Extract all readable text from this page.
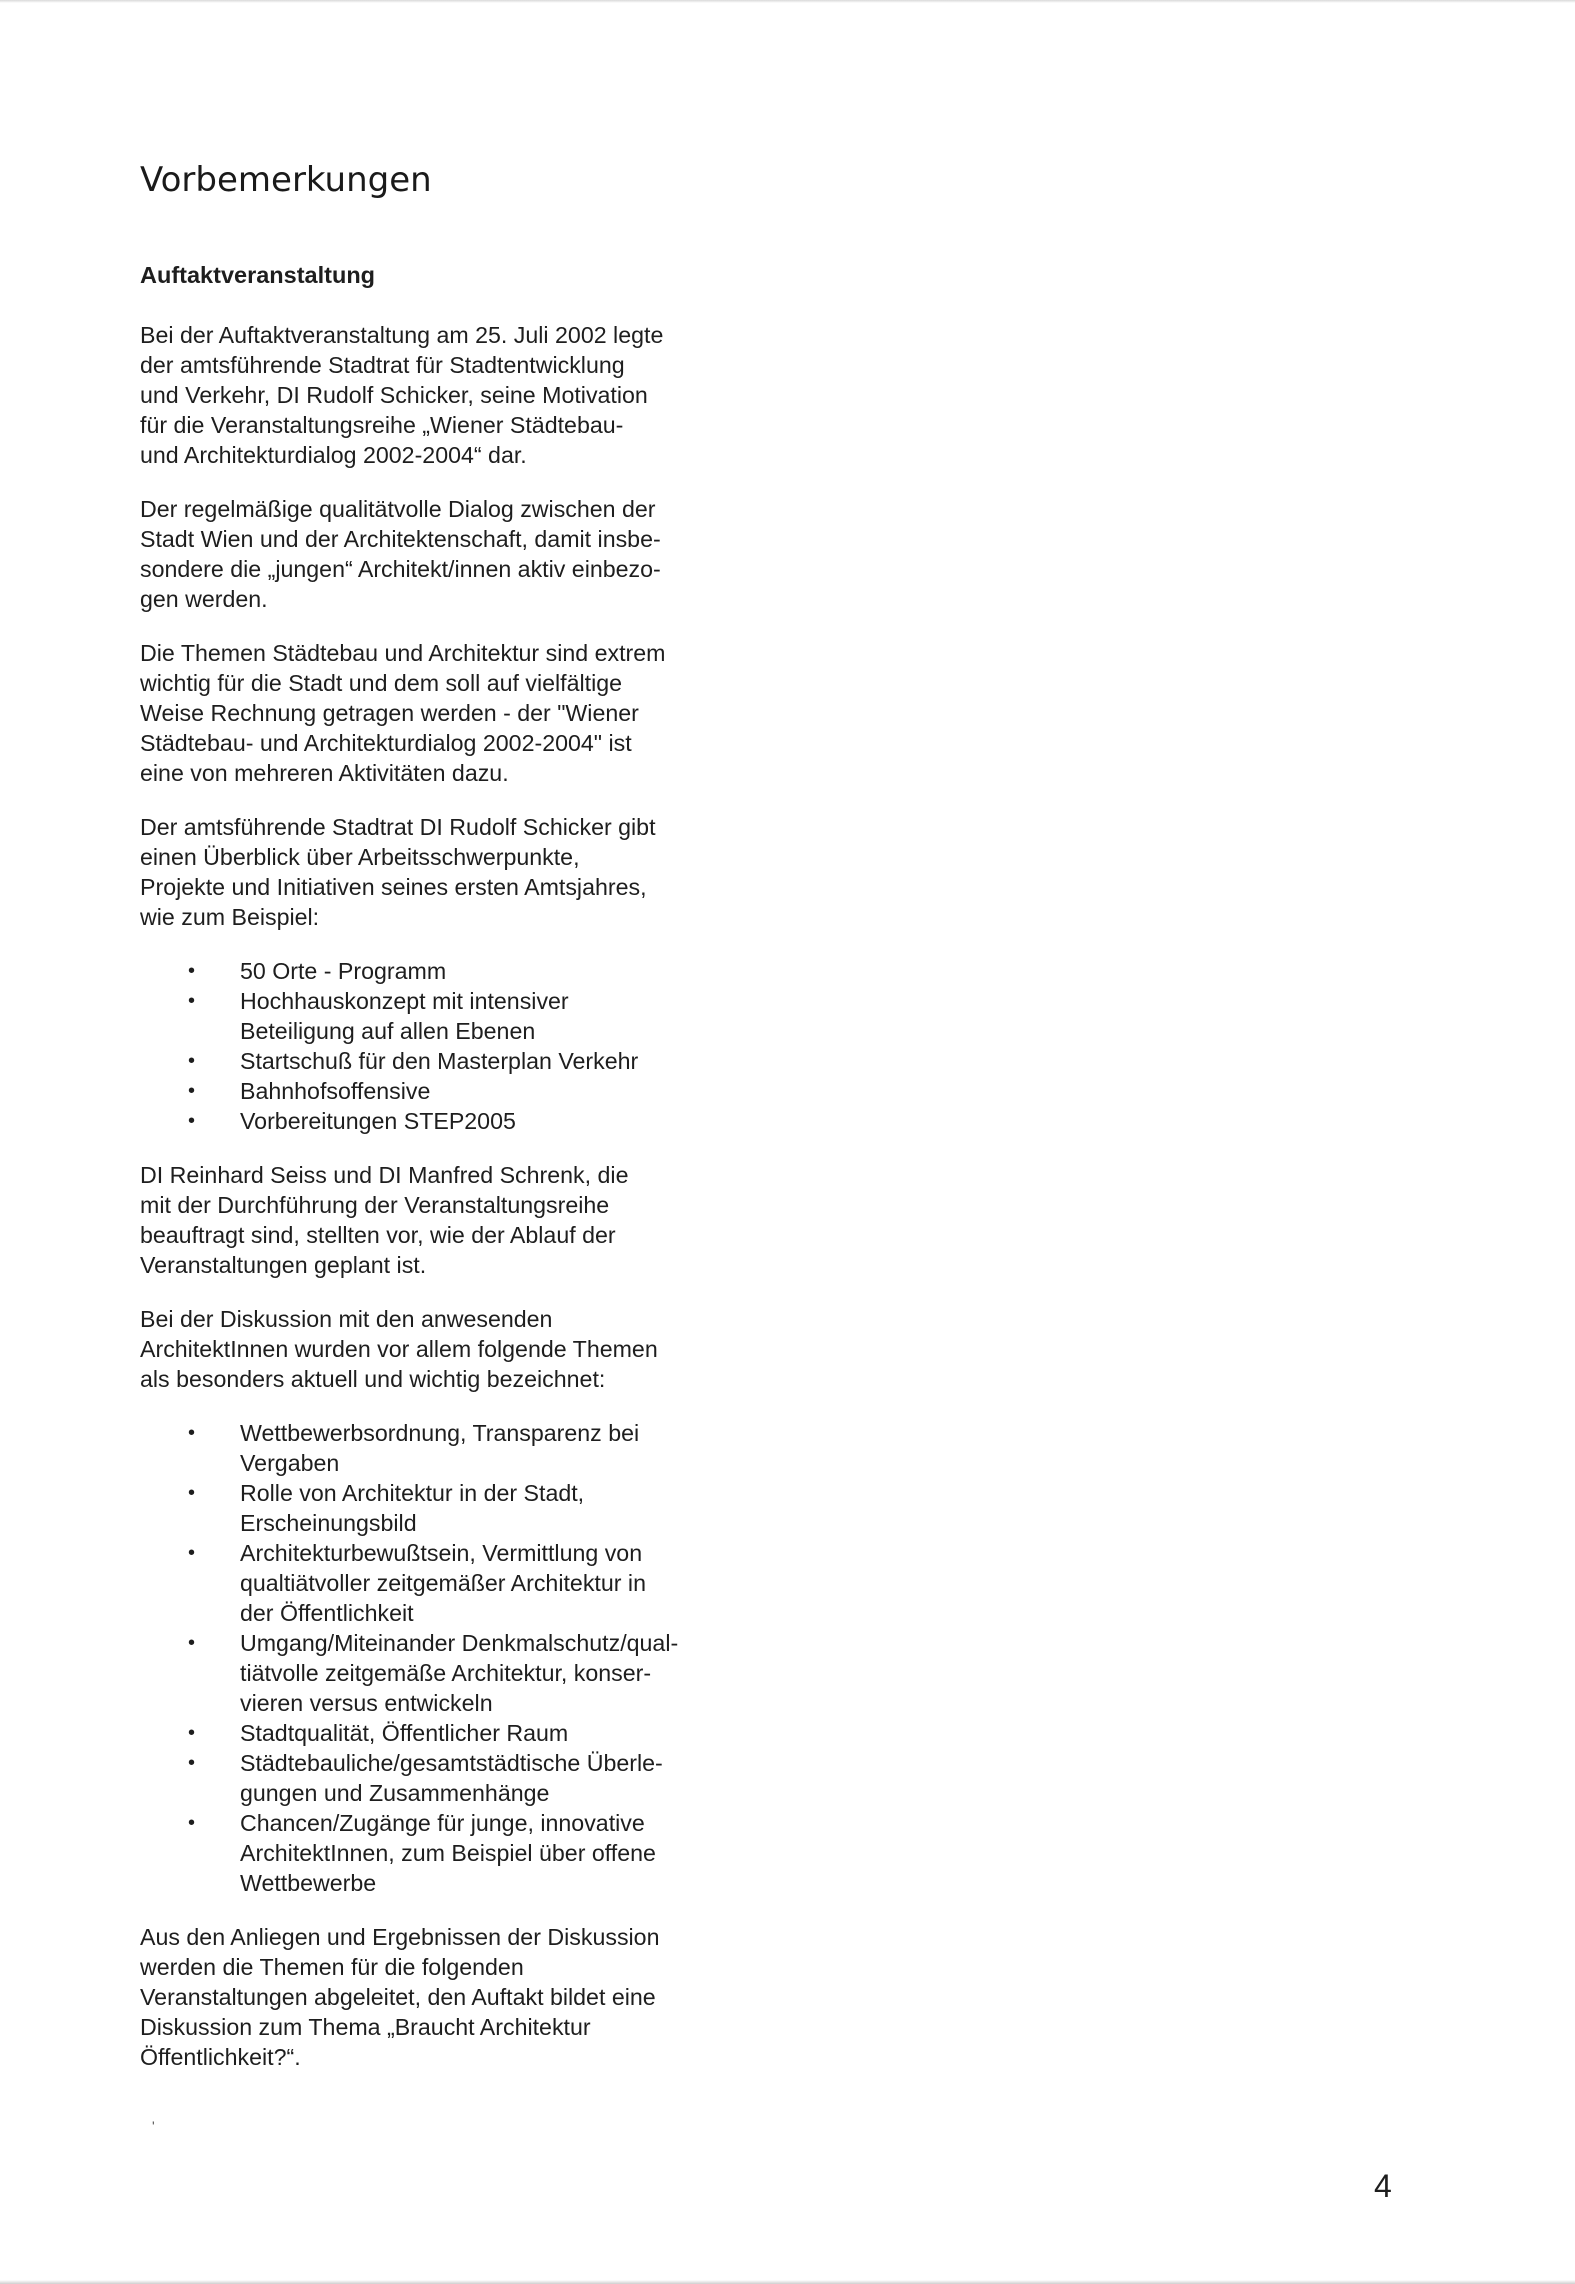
Vorbemerkungen
Auftaktveranstaltung

Bei der Auftaktveranstaltung am 25. Juli 2002 legte
der amtsführende Stadtrat für Stadtentwicklung
und Verkehr, DI Rudolf Schicker, seine Motivation
für die Veranstaltungsreihe „Wiener Städtebau-
und Architekturdialog 2002-2004“ dar.

Der regelmäßige qualitätvolle Dialog zwischen der
Stadt Wien und der Architektenschaft, damit insbe-
sondere die „jungen“ Architekt/innen aktiv einbezo-
gen werden.

Die Themen Städtebau und Architektur sind extrem
wichtig für die Stadt und dem soll auf vielfältige
Weise Rechnung getragen werden - der "Wiener
Städtebau- und Architekturdialog 2002-2004" ist
eine von mehreren Aktivitäten dazu.

Der amtsführende Stadtrat DI Rudolf Schicker gibt
einen Überblick über Arbeitsschwerpunkte,
Projekte und Initiativen seines ersten Amtsjahres,
wie zum Beispiel:

•	50 Orte - Programm
•	Hochhauskonzept mit intensiver
Beteiligung auf allen Ebenen
•	Startschuß für den Masterplan Verkehr
•	Bahnhofsoffensive
•	Vorbereitungen STEP2005

DI Reinhard Seiss und DI Manfred Schrenk, die
mit der Durchführung der Veranstaltungsreihe
beauftragt sind, stellten vor, wie der Ablauf der
Veranstaltungen geplant ist.

Bei der Diskussion mit den anwesenden
ArchitektInnen wurden vor allem folgende Themen
als besonders aktuell und wichtig bezeichnet:

•	Wettbewerbsordnung, Transparenz bei
Vergaben
•	Rolle von Architektur in der Stadt,
Erscheinungsbild
•	Architekturbewußtsein, Vermittlung von
qualtiätvoller zeitgemäßer Architektur in
der Öffentlichkeit
•	Umgang/Miteinander Denkmalschutz/qual-
tiätvolle zeitgemäße Architektur, konser-
vieren versus entwickeln
•	Stadtqualität, Öffentlicher Raum
•	Städtebauliche/gesamtstädtische Überle-
gungen und Zusammenhänge
•	Chancen/Zugänge für junge, innovative
ArchitektInnen, zum Beispiel über offene
Wettbewerbe

Aus den Anliegen und Ergebnissen der Diskussion
werden die Themen für die folgenden
Veranstaltungen abgeleitet, den Auftakt bildet eine
Diskussion zum Thema „Braucht Architektur
Öffentlichkeit?“.

'
4
